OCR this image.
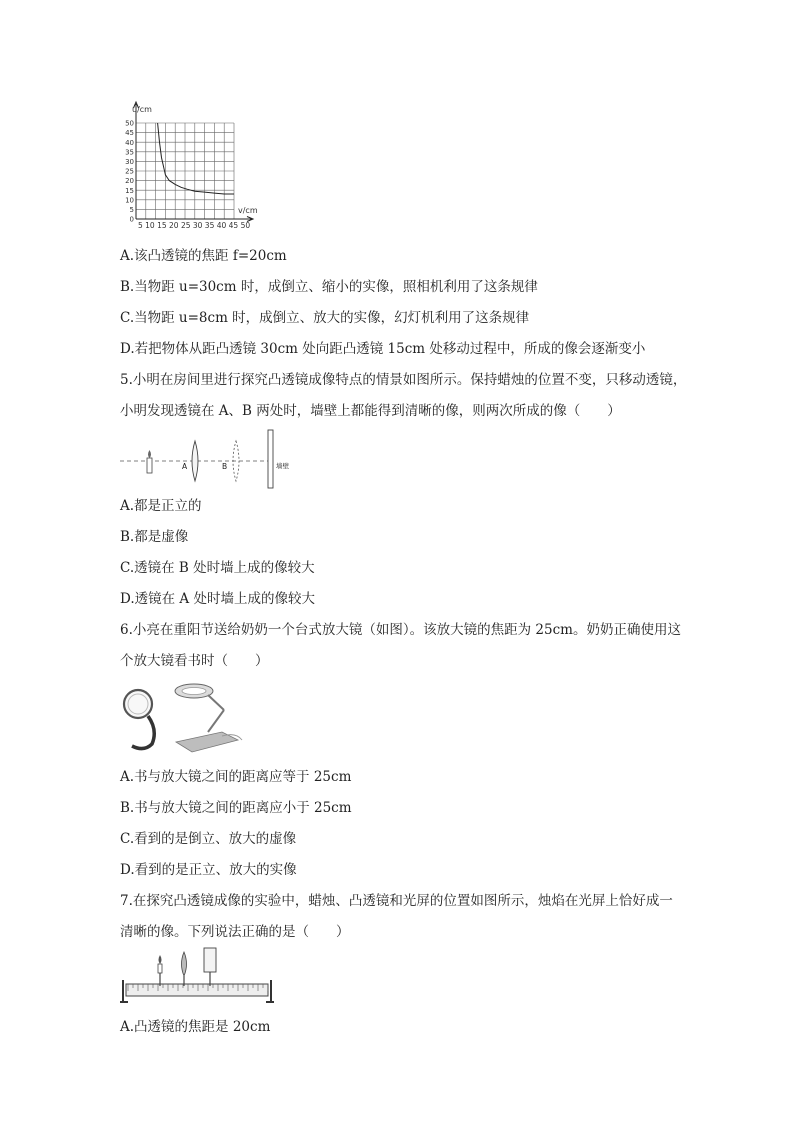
0
5
10
15
20
25
30
35
40
45
50
u/cm
v/cm
5 10 15 20 25 30 35 40 45 50
A.该凸透镜的焦距 f=20cm
B.当物距 u=30cm 时，成倒立、缩小的实像，照相机利用了这条规律
C.当物距 u=8cm 时，成倒立、放大的实像，幻灯机利用了这条规律
D.若把物体从距凸透镜 30cm 处向距凸透镜 15cm 处移动过程中，所成的像会逐渐变小
5.小明在房间里进行探究凸透镜成像特点的情景如图所示。保持蜡烛的位置不变，只移动透镜，
小明发现透镜在 A、B 两处时，墙壁上都能得到清晰的像，则两次所成的像（　　）
A	B	墙壁
A.都是正立的
B.都是虚像
C.透镜在 B 处时墙上成的像较大
D.透镜在 A 处时墙上成的像较大
6.小亮在重阳节送给奶奶一个台式放大镜（如图）。该放大镜的焦距为 25cm。奶奶正确使用这
个放大镜看书时（　　）
A.书与放大镜之间的距离应等于 25cm
B.书与放大镜之间的距离应小于 25cm
C.看到的是倒立、放大的虚像
D.看到的是正立、放大的实像
7.在探究凸透镜成像的实验中，蜡烛、凸透镜和光屏的位置如图所示，烛焰在光屏上恰好成一
清晰的像。下列说法正确的是（　　）
A.凸透镜的焦距是 20cm
